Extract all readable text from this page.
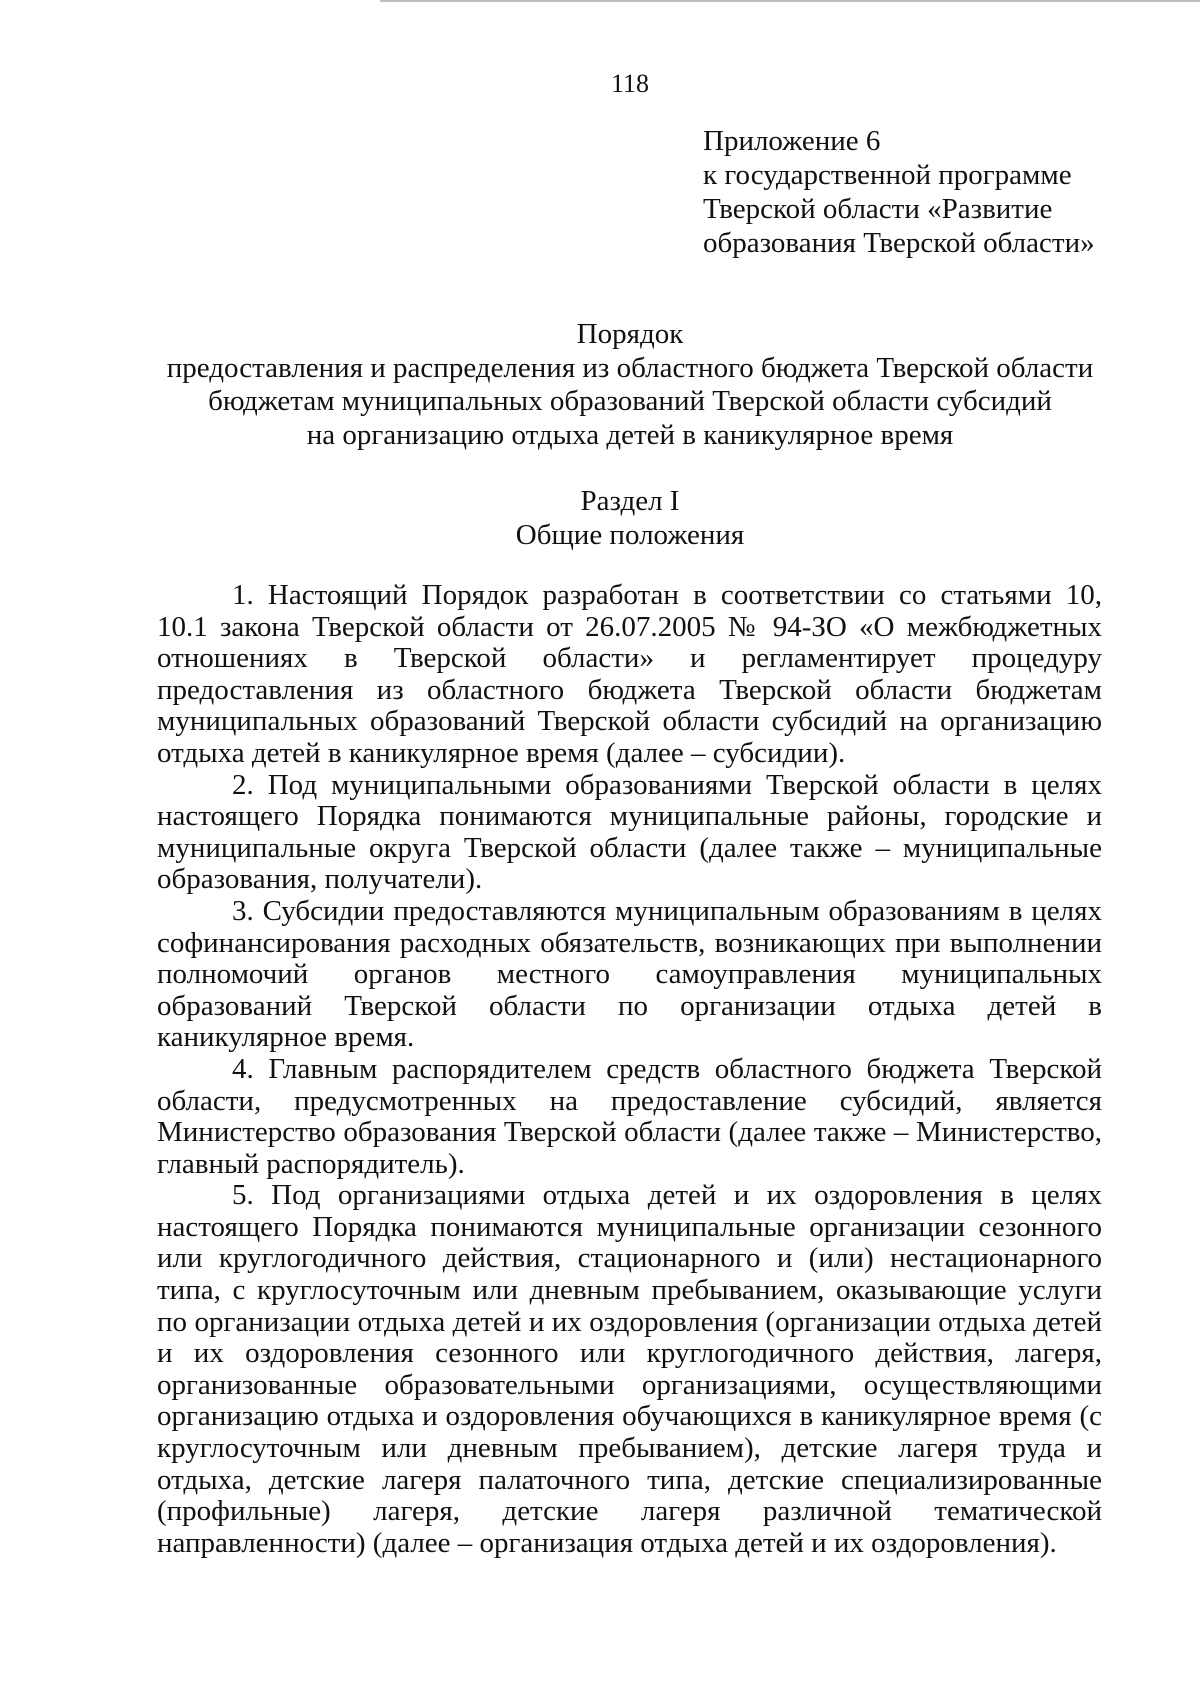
118
Приложение 6
к государственной программе
Тверской области «Развитие
образования Тверской области»
Порядок
предоставления и распределения из областного бюджета Тверской области
бюджетам муниципальных образований Тверской области субсидий
на организацию отдыха детей в каникулярное время
Раздел I
Общие положения

1. Настоящий Порядок разработан в соответствии со статьями 10, 10.1 закона Тверской области от 26.07.2005 № 94-ЗО «О межбюджетных отношениях в Тверской области» и регламентирует процедуру предоставления из областного бюджета Тверской области бюджетам муниципальных образований Тверской области субсидий на организацию отдыха детей в каникулярное время (далее – субсидии).

2. Под муниципальными образованиями Тверской области в целях настоящего Порядка понимаются муниципальные районы, городские и муниципальные округа Тверской области (далее также – муниципальные образования, получатели).

3. Субсидии предоставляются муниципальным образованиям в целях софинансирования расходных обязательств, возникающих при выполнении полномочий органов местного самоуправления муниципальных образований Тверской области по организации отдыха детей в каникулярное время.

4. Главным распорядителем средств областного бюджета Тверской области, предусмотренных на предоставление субсидий, является Министерство образования Тверской области (далее также – Министерство, главный распорядитель).

5. Под организациями отдыха детей и их оздоровления в целях настоящего Порядка понимаются муниципальные организации сезонного или круглогодичного действия, стационарного и (или) нестационарного типа, с круглосуточным или дневным пребыванием, оказывающие услуги по организации отдыха детей и их оздоровления (организации отдыха детей и их оздоровления сезонного или круглогодичного действия, лагеря, организованные образовательными организациями, осуществляющими организацию отдыха и оздоровления обучающихся в каникулярное время (с круглосуточным или дневным пребыванием), детские лагеря труда и отдыха, детские лагеря палаточного типа, детские специализированные (профильные) лагеря, детские лагеря различной тематической направленности) (далее – организация отдыха детей и их оздоровления).
